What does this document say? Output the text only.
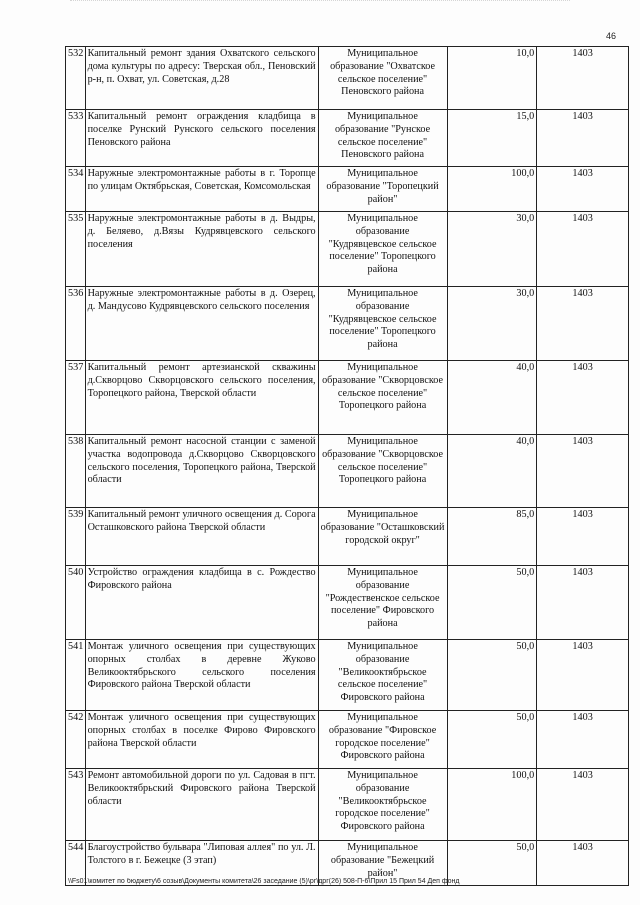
46
532	Капитальный ремонт здания Охватского сельского дома культуры по адресу: Тверская обл., Пеновский р-н, п. Охват, ул. Советская, д.28	Муниципальное образование "Охватское сельское поселение" Пеновского района	10,0	1403
533	Капитальный ремонт ограждения кладбища в поселке Рунский Рунского сельского поселения Пеновского района	Муниципальное образование "Рунское сельское поселение" Пеновского района	15,0	1403
534	Наружные электромонтажные работы в г. Торопце по улицам Октябрьская, Советская, Комсомольская	Муниципальное образование "Торопецкий район"	100,0	1403
535	Наружные электромонтажные работы в д. Выдры, д. Беляево, д.Вязы Кудрявцевского сельского поселения	Муниципальное образование "Кудрявцевское сельское поселение" Торопецкого района	30,0	1403
536	Наружные электромонтажные работы в д. Озерец, д. Мандусово Кудрявцевского сельского поселения	Муниципальное образование "Кудрявцевское сельское поселение" Торопецкого района	30,0	1403
537	Капитальный ремонт артезианской скважины д.Скворцово Скворцовского сельского поселения, Торопецкого района, Тверской области	Муниципальное образование "Скворцовское сельское поселение" Торопецкого района	40,0	1403
538	Капитальный ремонт насосной станции с заменой участка водопровода д.Скворцово Скворцовского сельского поселения, Торопецкого района, Тверской области	Муниципальное образование "Скворцовское сельское поселение" Торопецкого района	40,0	1403
539	Капитальный ремонт уличного освещения д. Сорога Осташковского района Тверской области	Муниципальное образование "Осташковский городской округ"	85,0	1403
540	Устройство ограждения кладбища в с. Рождество Фировского района	Муниципальное образование "Рождественское сельское поселение" Фировского района	50,0	1403
541	Монтаж уличного освещения при существующих опорных столбах в деревне Жуково Великооктябрьского сельского поселения Фировского района Тверской области	Муниципальное образование "Великооктябрьское сельское поселение" Фировского района	50,0	1403
542	Монтаж уличного освещения при существующих опорных столбах в поселке Фирово Фировского района Тверской области	Муниципальное образование "Фировское городское поселение" Фировского района	50,0	1403
543	Ремонт автомобильной дороги по ул. Садовая в пгт. Великооктябрьский Фировского района Тверской области	Муниципальное образование "Великооктябрьское городское поселение" Фировского района	100,0	1403
544	Благоустройство бульвара "Липовая аллея" по ул. Л. Толстого в г. Бежецке (3 этап)	Муниципальное образование "Бежецкий район"	50,0	1403
\\Fs01\комитет по бюджету\6 созыв\Документы комитета\26 заседание (5)\рг\дрг(26) 508-П-6\Прил 15 Прил 54 Деп фонд
